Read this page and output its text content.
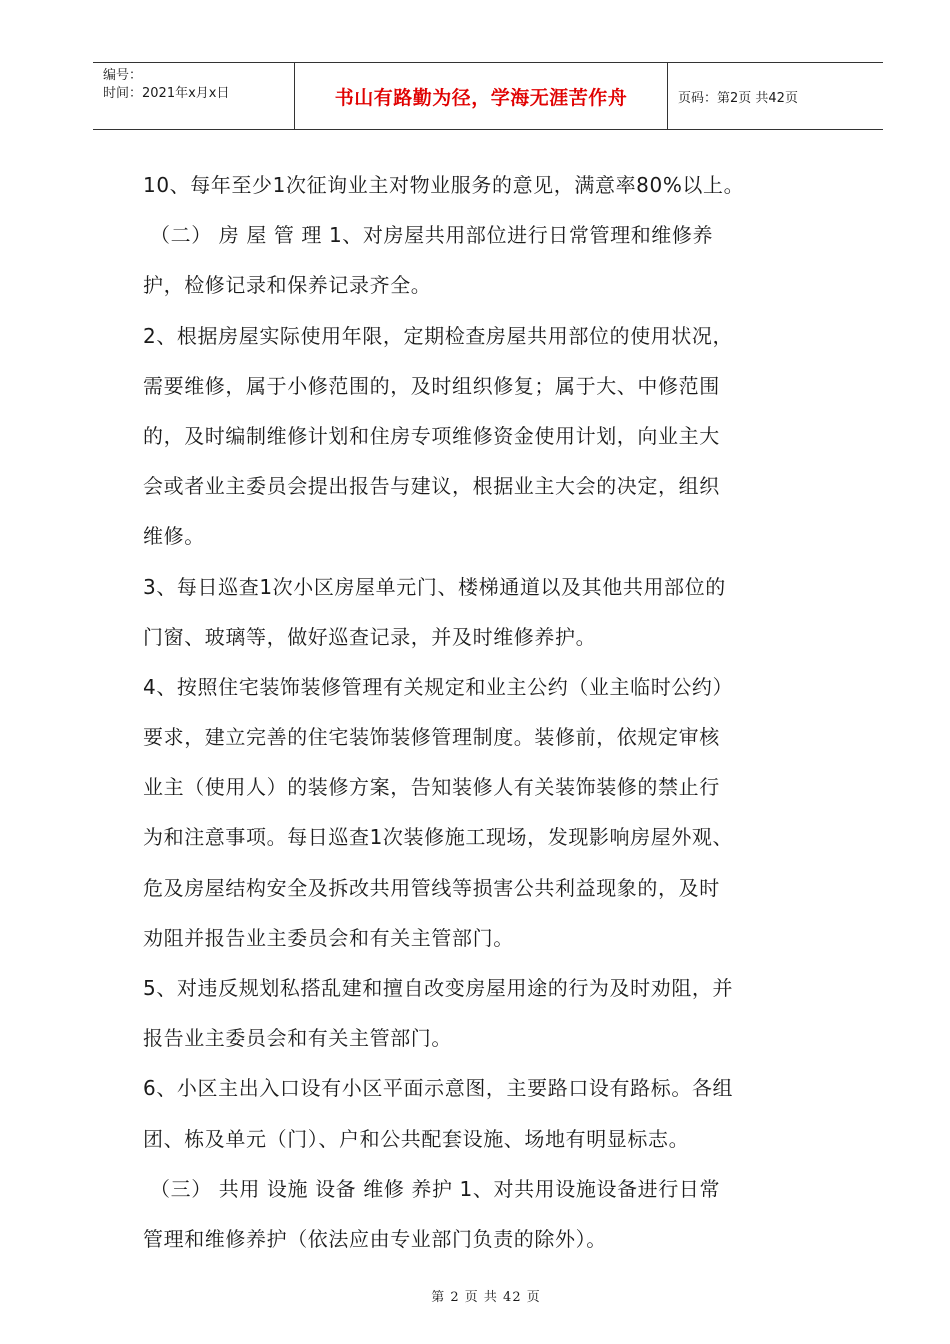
编号：
时间：2021年x月x日	书山有路勤为径，学海无涯苦作舟	页码：第2页 共42页
10、每年至少1次征询业主对物业服务的意见，满意率80%以上。
（二） 房 屋 管 理 1、对房屋共用部位进行日常管理和维修养
护，检修记录和保养记录齐全。
2、根据房屋实际使用年限，定期检查房屋共用部位的使用状况，
需要维修，属于小修范围的，及时组织修复；属于大、中修范围
的，及时编制维修计划和住房专项维修资金使用计划，向业主大
会或者业主委员会提出报告与建议，根据业主大会的决定，组织
维修。
3、每日巡查1次小区房屋单元门、楼梯通道以及其他共用部位的
门窗、玻璃等，做好巡查记录，并及时维修养护。
4、按照住宅装饰装修管理有关规定和业主公约（业主临时公约）
要求，建立完善的住宅装饰装修管理制度。装修前，依规定审核
业主（使用人）的装修方案，告知装修人有关装饰装修的禁止行
为和注意事项。每日巡查1次装修施工现场，发现影响房屋外观、
危及房屋结构安全及拆改共用管线等损害公共利益现象的，及时
劝阻并报告业主委员会和有关主管部门。
5、对违反规划私搭乱建和擅自改变房屋用途的行为及时劝阻，并
报告业主委员会和有关主管部门。
6、小区主出入口设有小区平面示意图，主要路口设有路标。各组
团、栋及单元（门）、户和公共配套设施、场地有明显标志。
（三） 共用 设施 设备 维修 养护 1、对共用设施设备进行日常
管理和维修养护（依法应由专业部门负责的除外）。
第 2 页 共 42 页
